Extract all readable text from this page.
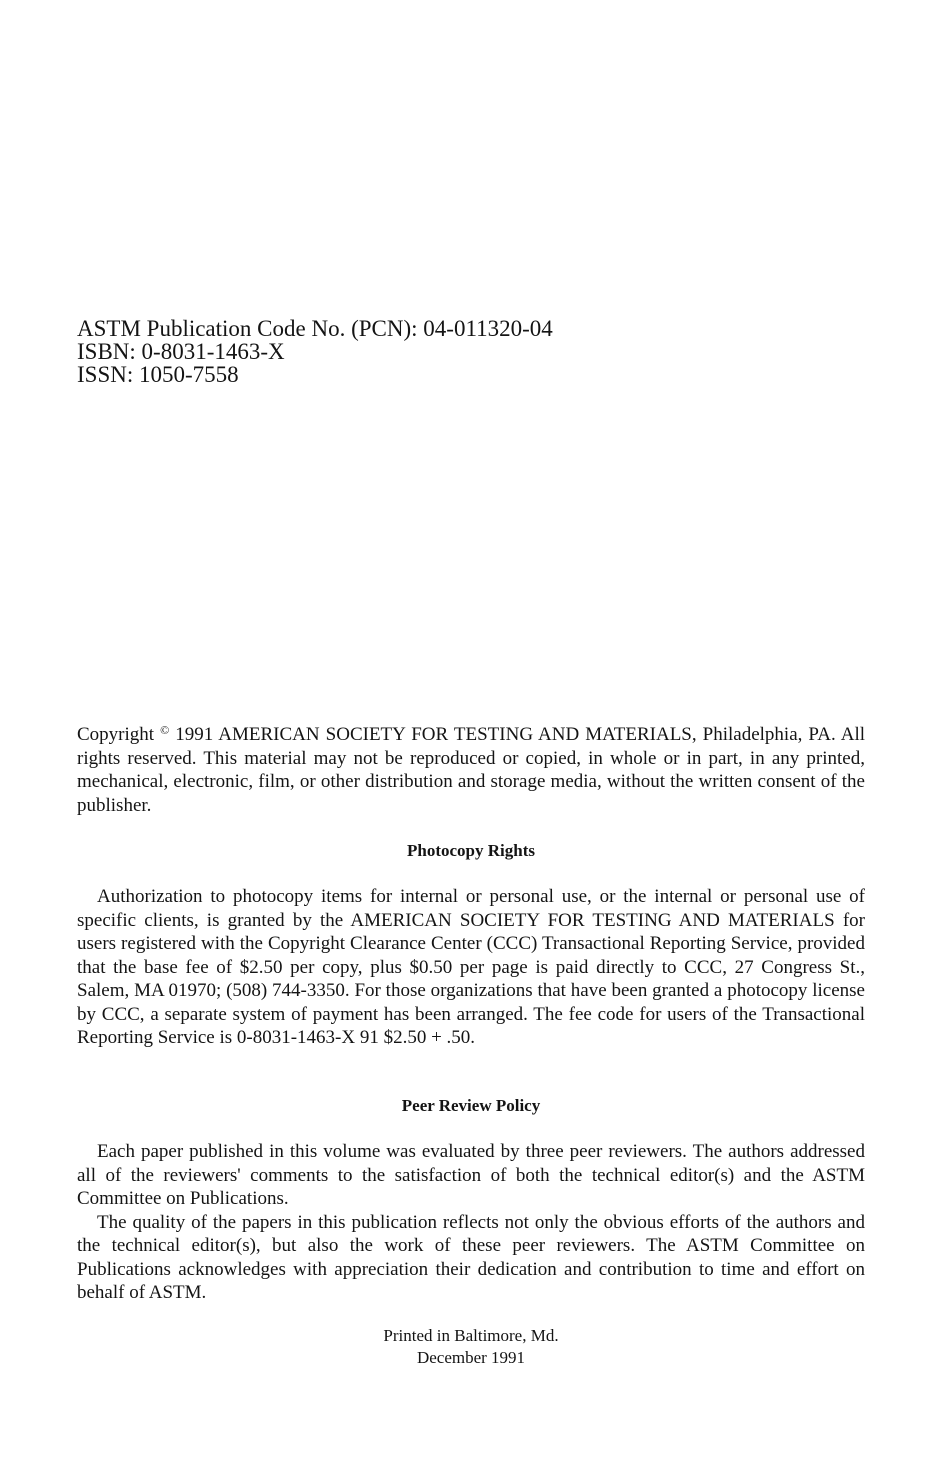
ASTM Publication Code No. (PCN): 04-011320-04
ISBN: 0-8031-1463-X
ISSN: 1050-7558

Copyright © 1991 AMERICAN SOCIETY FOR TESTING AND MATERIALS, Philadelphia, PA. All rights reserved. This material may not be reproduced or copied, in whole or in part, in any printed, mechanical, electronic, film, or other distribution and storage media, without the written consent of the publisher.

Photocopy Rights

Authorization to photocopy items for internal or personal use, or the internal or personal use of specific clients, is granted by the AMERICAN SOCIETY FOR TESTING AND MATERIALS for users registered with the Copyright Clearance Center (CCC) Transactional Reporting Service, provided that the base fee of $2.50 per copy, plus $0.50 per page is paid directly to CCC, 27 Congress St., Salem, MA 01970; (508) 744-3350. For those organizations that have been granted a photocopy license by CCC, a separate system of payment has been arranged. The fee code for users of the Transactional Reporting Service is 0-8031-1463-X 91 $2.50 + .50.

Peer Review Policy

Each paper published in this volume was evaluated by three peer reviewers. The authors addressed all of the reviewers' comments to the satisfaction of both the technical editor(s) and the ASTM Committee on Publications.

The quality of the papers in this publication reflects not only the obvious efforts of the authors and the technical editor(s), but also the work of these peer reviewers. The ASTM Committee on Publications acknowledges with appreciation their dedication and contribution to time and effort on behalf of ASTM.

Printed in Baltimore, Md.
December 1991
